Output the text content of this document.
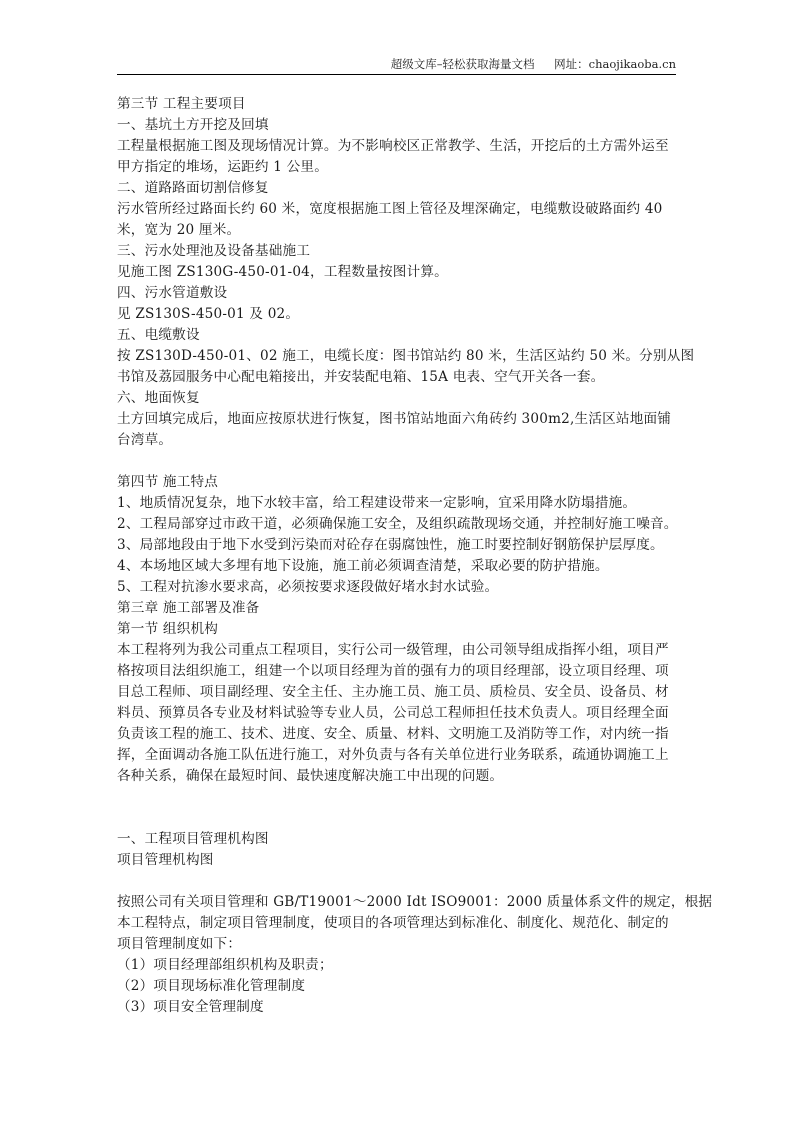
超级文库–轻松获取海量文档 网址：chaojikaoba.cn
第三节 工程主要项目
一、基坑土方开挖及回填
工程量根据施工图及现场情况计算。为不影响校区正常教学、生活，开挖后的土方需外运至
甲方指定的堆场，运距约 1 公里。
二、道路路面切割信修复
污水管所经过路面长约 60 米，宽度根据施工图上管径及埋深确定，电缆敷设破路面约 40
米，宽为 20 厘米。
三、污水处理池及设备基础施工
见施工图 ZS130G-450-01-04，工程数量按图计算。
四、污水管道敷设
见 ZS130S-450-01 及 02。
五、电缆敷设
按 ZS130D-450-01、02 施工，电缆长度：图书馆站约 80 米，生活区站约 50 米。分别从图
书馆及荔园服务中心配电箱接出，并安装配电箱、15A 电表、空气开关各一套。
六、地面恢复
土方回填完成后，地面应按原状进行恢复，图书馆站地面六角砖约 300m2,生活区站地面铺
台湾草。
第四节 施工特点
1、地质情况复杂，地下水较丰富，给工程建设带来一定影响，宜采用降水防塌措施。
2、工程局部穿过市政干道，必须确保施工安全，及组织疏散现场交通，并控制好施工噪音。
3、局部地段由于地下水受到污染而对砼存在弱腐蚀性，施工时要控制好钢筋保护层厚度。
4、本场地区域大多埋有地下设施，施工前必须调查清楚，采取必要的防护措施。
5、工程对抗渗水要求高，必须按要求逐段做好堵水封水试验。
第三章 施工部署及准备
第一节 组织机构
本工程将列为我公司重点工程项目，实行公司一级管理，由公司领导组成指挥小组，项目严
格按项目法组织施工，组建一个以项目经理为首的强有力的项目经理部，设立项目经理、项
目总工程师、项目副经理、安全主任、主办施工员、施工员、质检员、安全员、设备员、材
料员、预算员各专业及材料试验等专业人员，公司总工程师担任技术负责人。项目经理全面
负责该工程的施工、技术、进度、安全、质量、材料、文明施工及消防等工作，对内统一指
挥，全面调动各施工队伍进行施工，对外负责与各有关单位进行业务联系，疏通协调施工上
各种关系，确保在最短时间、最快速度解决施工中出现的问题。
一、工程项目管理机构图
项目管理机构图
按照公司有关项目管理和 GB/T19001～2000 Idt ISO9001：2000 质量体系文件的规定，根据
本工程特点，制定项目管理制度，使项目的各项管理达到标准化、制度化、规范化、制定的
项目管理制度如下：
（1）项目经理部组织机构及职责；
（2）项目现场标准化管理制度
（3）项目安全管理制度
